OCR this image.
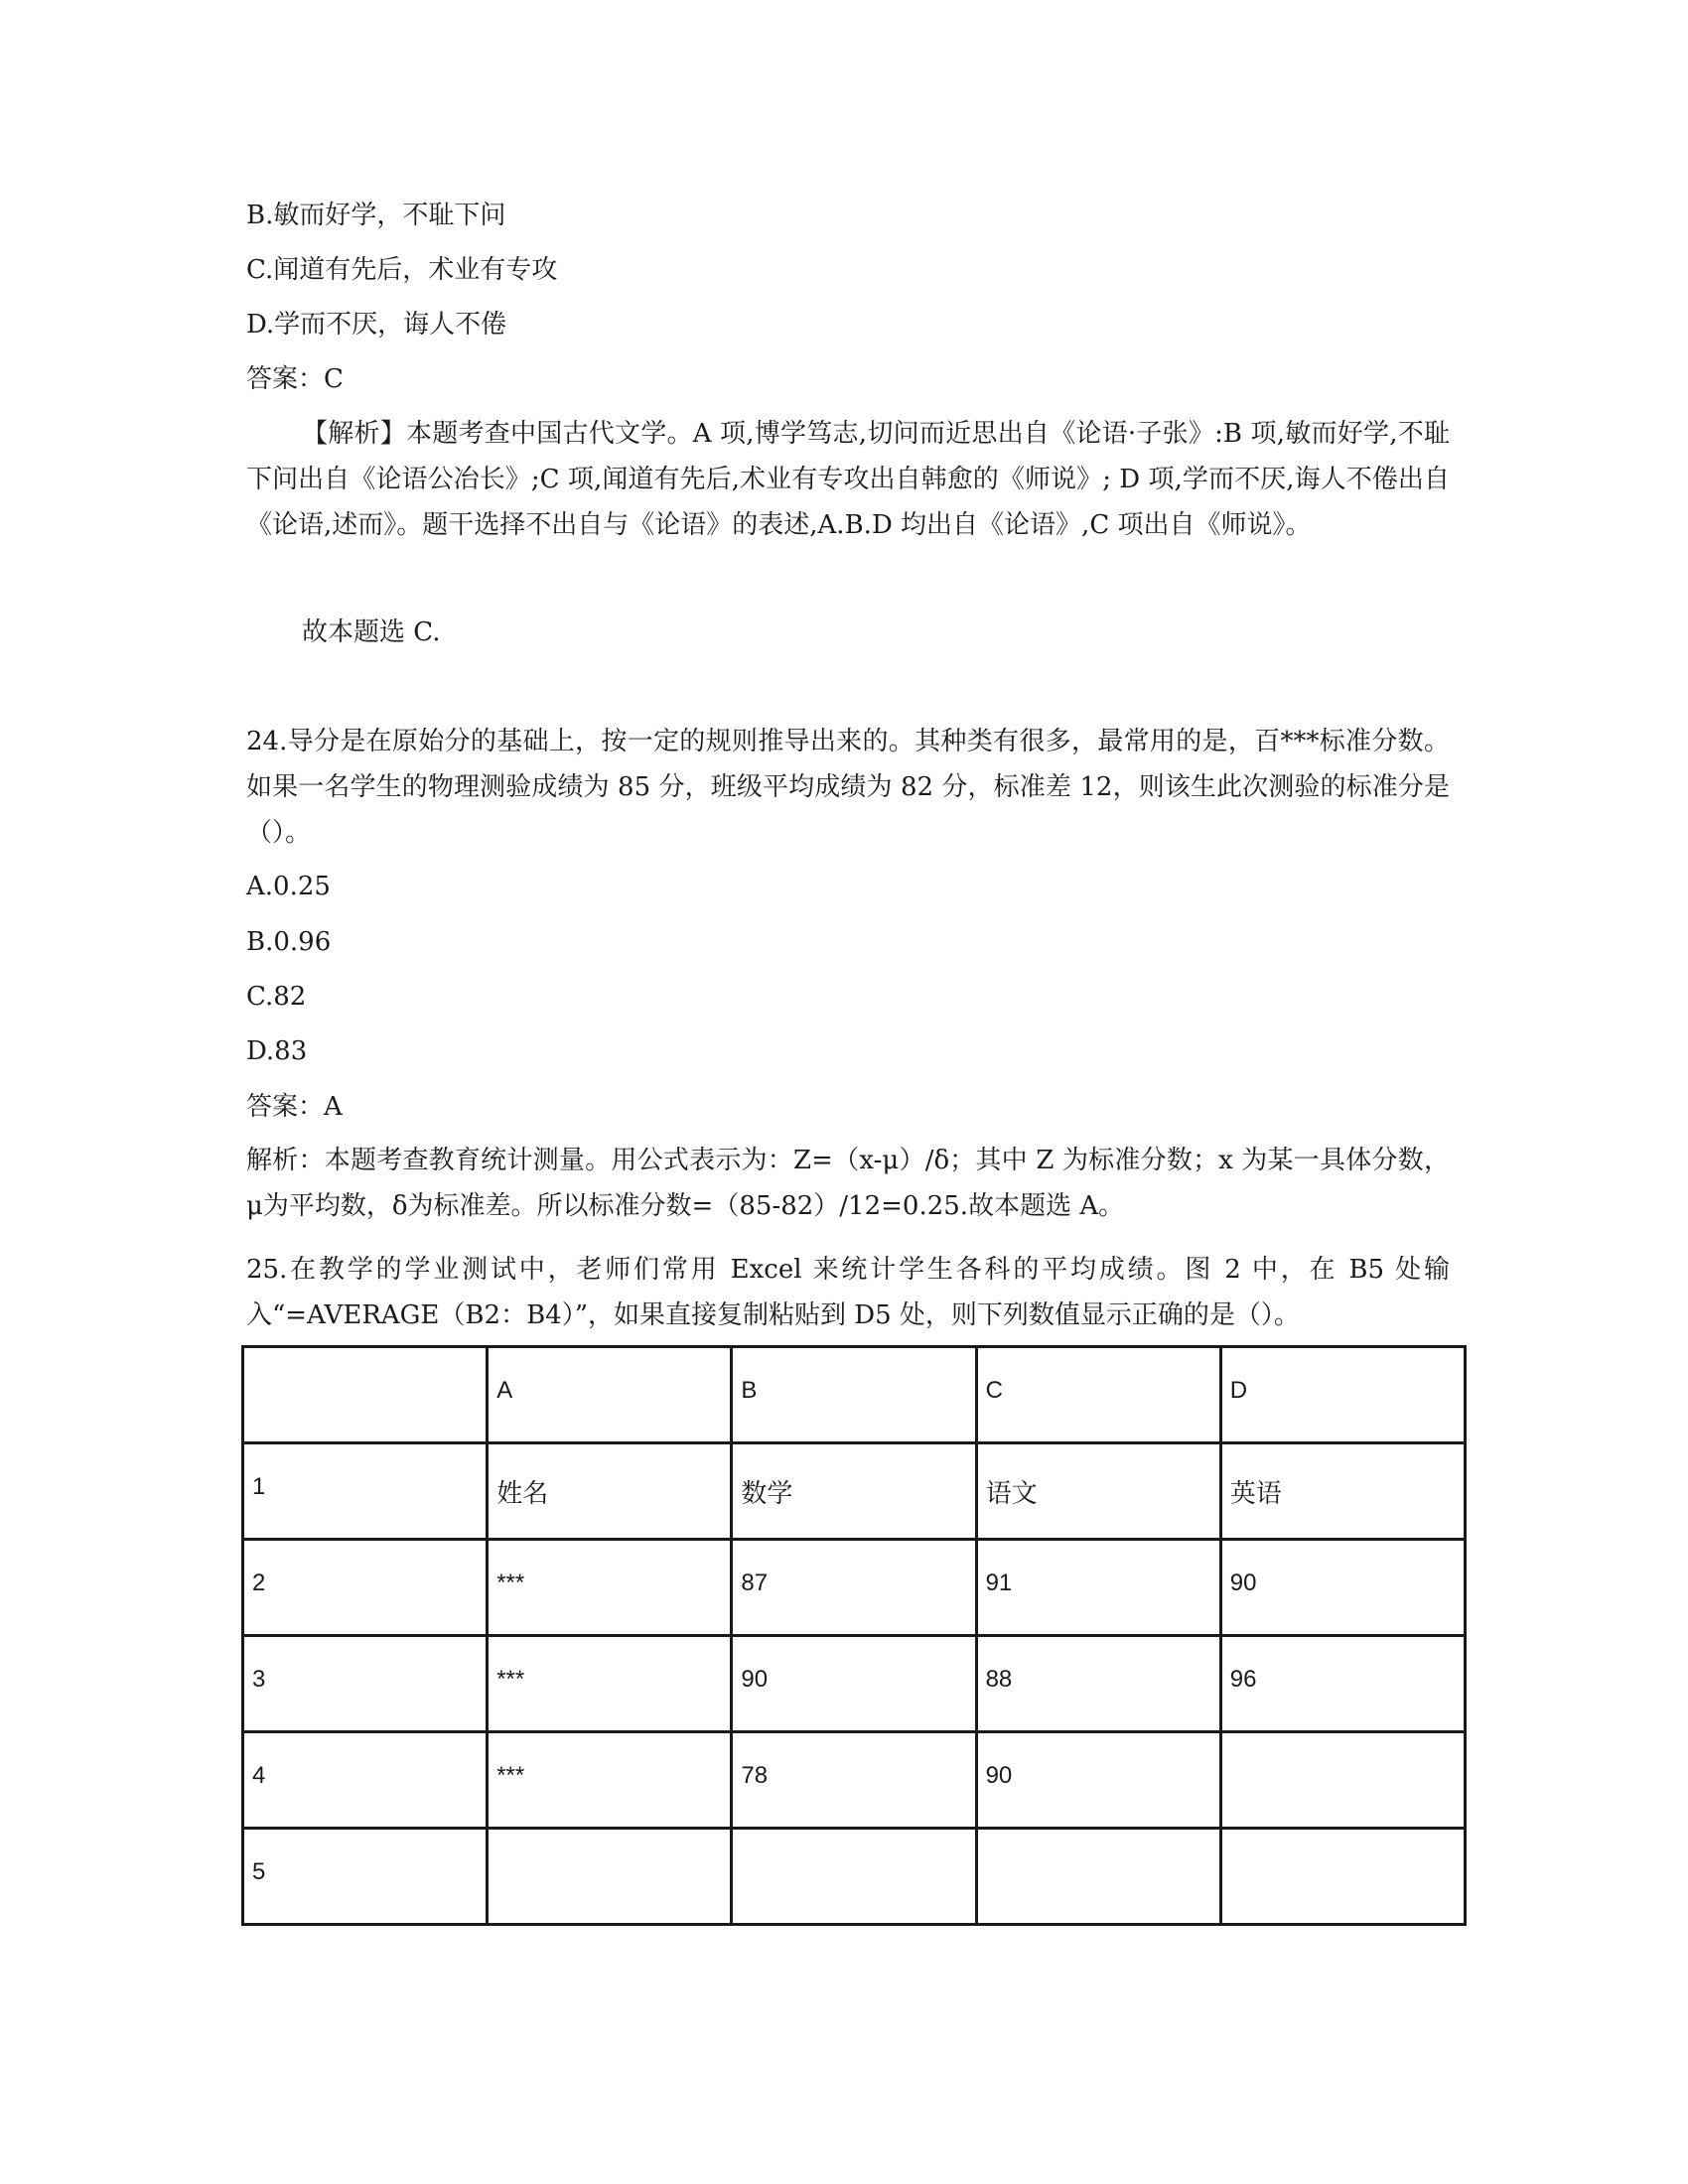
B.敏而好学，不耻下问
C.闻道有先后，术业有专攻
D.学而不厌，诲人不倦
答案：C
【解析】本题考查中国古代文学。A 项,博学笃志,切问而近思出自《论语·子张》:B 项,敏而好学,不耻下问出自《论语公冶长》;C 项,闻道有先后,术业有专攻出自韩愈的《师说》; D 项,学而不厌,诲人不倦出自《论语,述而》。题干选择不出自与《论语》的表述,A.B.D 均出自《论语》,C 项出自《师说》。
故本题选 C.
24.导分是在原始分的基础上，按一定的规则推导出来的。其种类有很多，最常用的是，百***标准分数。如果一名学生的物理测验成绩为 85 分，班级平均成绩为 82 分，标准差 12，则该生此次测验的标准分是（）。
A.0.25
B.0.96
C.82
D.83
答案：A
解析：本题考查教育统计测量。用公式表示为：Z=（x-μ）/δ；其中 Z 为标准分数；x 为某一具体分数，μ为平均数，δ为标准差。所以标准分数=（85-82）/12=0.25.故本题选 A。
25.在教学的学业测试中，老师们常用 Excel 来统计学生各科的平均成绩。图 2 中，在 B5 处输入“=AVERAGE（B2：B4）”，如果直接复制粘贴到 D5 处，则下列数值显示正确的是（）。
	A	B	C	D
1	姓名	数学	语文	英语
2	***	87	91	90
3	***	90	88	96
4	***	78	90	
5				
